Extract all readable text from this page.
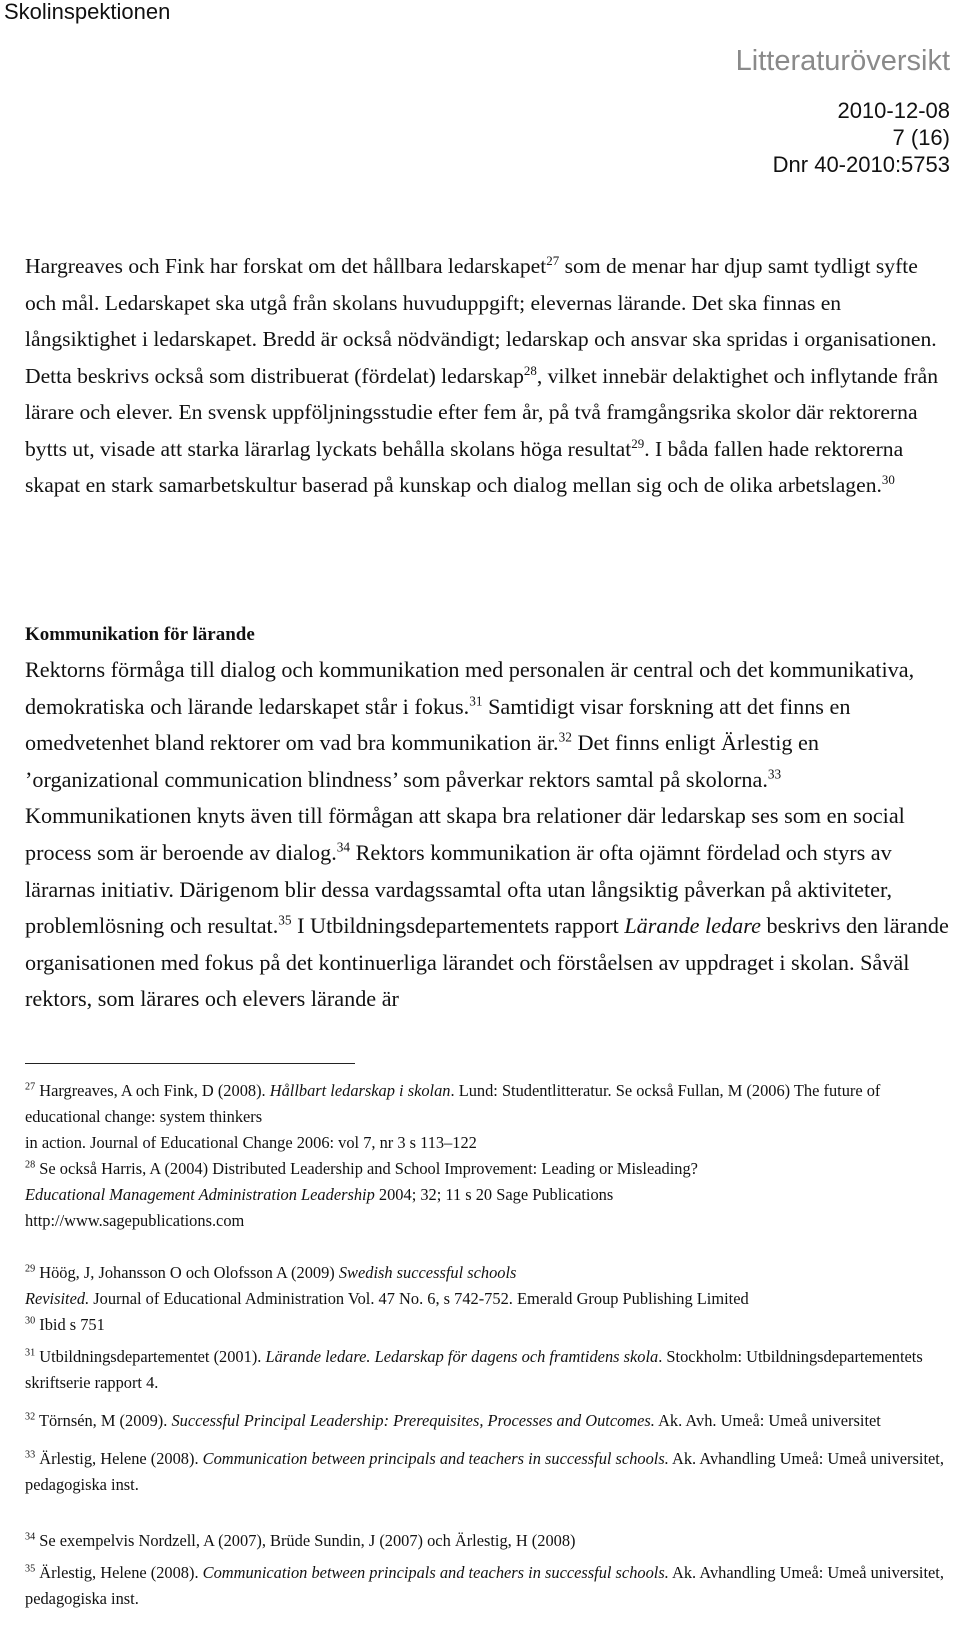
Skolinspektionen
Litteraturöversikt
2010-12-08
7 (16)
Dnr 40-2010:5753

Hargreaves och Fink har forskat om det hållbara ledarskapet$^{27}$ som de menar har djup samt tydligt syfte och mål. Ledarskapet ska utgå från skolans huvuduppgift; elevernas lärande. Det ska finnas en långsiktighet i ledarskapet. Bredd är också nödvändigt; ledarskap och ansvar ska spridas i organisationen. Detta beskrivs också som distribuerat (fördelat) ledarskap$^{28}$, vilket innebär delaktighet och inflytande från lärare och elever. En svensk uppföljningsstudie efter fem år, på två framgångsrika skolor där rektorerna bytts ut, visade att starka lärarlag lyckats behålla skolans höga resultat$^{29}$. I båda fallen hade rektorerna skapat en stark samarbetskultur baserad på kunskap och dialog mellan sig och de olika arbetslagen.$^{30}$

Kommunikation för lärande

Rektorns förmåga till dialog och kommunikation med personalen är central och det kommunikativa, demokratiska och lärande ledarskapet står i fokus.$^{31}$ Samtidigt visar forskning att det finns en omedvetenhet bland rektorer om vad bra kommunikation är.$^{32}$ Det finns enligt Ärlestig en ’organizational communication blindness’ som påverkar rektors samtal på skolorna.$^{33}$ Kommunikationen knyts även till förmågan att skapa bra relationer där ledarskap ses som en social process som är beroende av dialog.$^{34}$ Rektors kommunikation är ofta ojämnt fördelad och styrs av lärarnas initiativ. Därigenom blir dessa vardagssamtal ofta utan långsiktig påverkan på aktiviteter, problemlösning och resultat.$^{35}$ I Utbildningsdepartementets rapport Lärande ledare beskrivs den lärande organisationen med fokus på det kontinuerliga lärandet och förståelsen av uppdraget i skolan. Såväl rektors, som lärares och elevers lärande är

$^{27}$ Hargreaves, A och Fink, D (2008). Hållbart ledarskap i skolan. Lund: Studentlitteratur. Se också Fullan, M (2006) The future of educational change: system thinkers
in action. Journal of Educational Change 2006: vol 7, nr 3 s 113–122

$^{28}$ Se också Harris, A (2004) Distributed Leadership and School Improvement: Leading or Misleading?
Educational Management Administration Leadership 2004; 32; 11 s 20 Sage Publications
http://www.sagepublications.com

$^{29}$ Höög, J, Johansson O och Olofsson A (2009) Swedish successful schools
Revisited. Journal of Educational Administration Vol. 47 No. 6, s 742-752. Emerald Group Publishing Limited

$^{30}$ Ibid s 751

$^{31}$ Utbildningsdepartementet (2001). Lärande ledare. Ledarskap för dagens och framtidens skola. Stockholm: Utbildningsdepartementets skriftserie rapport 4.

$^{32}$ Törnsén, M (2009). Successful Principal Leadership: Prerequisites, Processes and Outcomes. Ak. Avh. Umeå: Umeå universitet

$^{33}$ Ärlestig, Helene (2008). Communication between principals and teachers in successful schools. Ak. Avhandling Umeå: Umeå universitet, pedagogiska inst.

$^{34}$ Se exempelvis Nordzell, A (2007), Brüde Sundin, J (2007) och Ärlestig, H (2008)

$^{35}$ Ärlestig, Helene (2008). Communication between principals and teachers in successful schools. Ak. Avhandling Umeå: Umeå universitet, pedagogiska inst.
